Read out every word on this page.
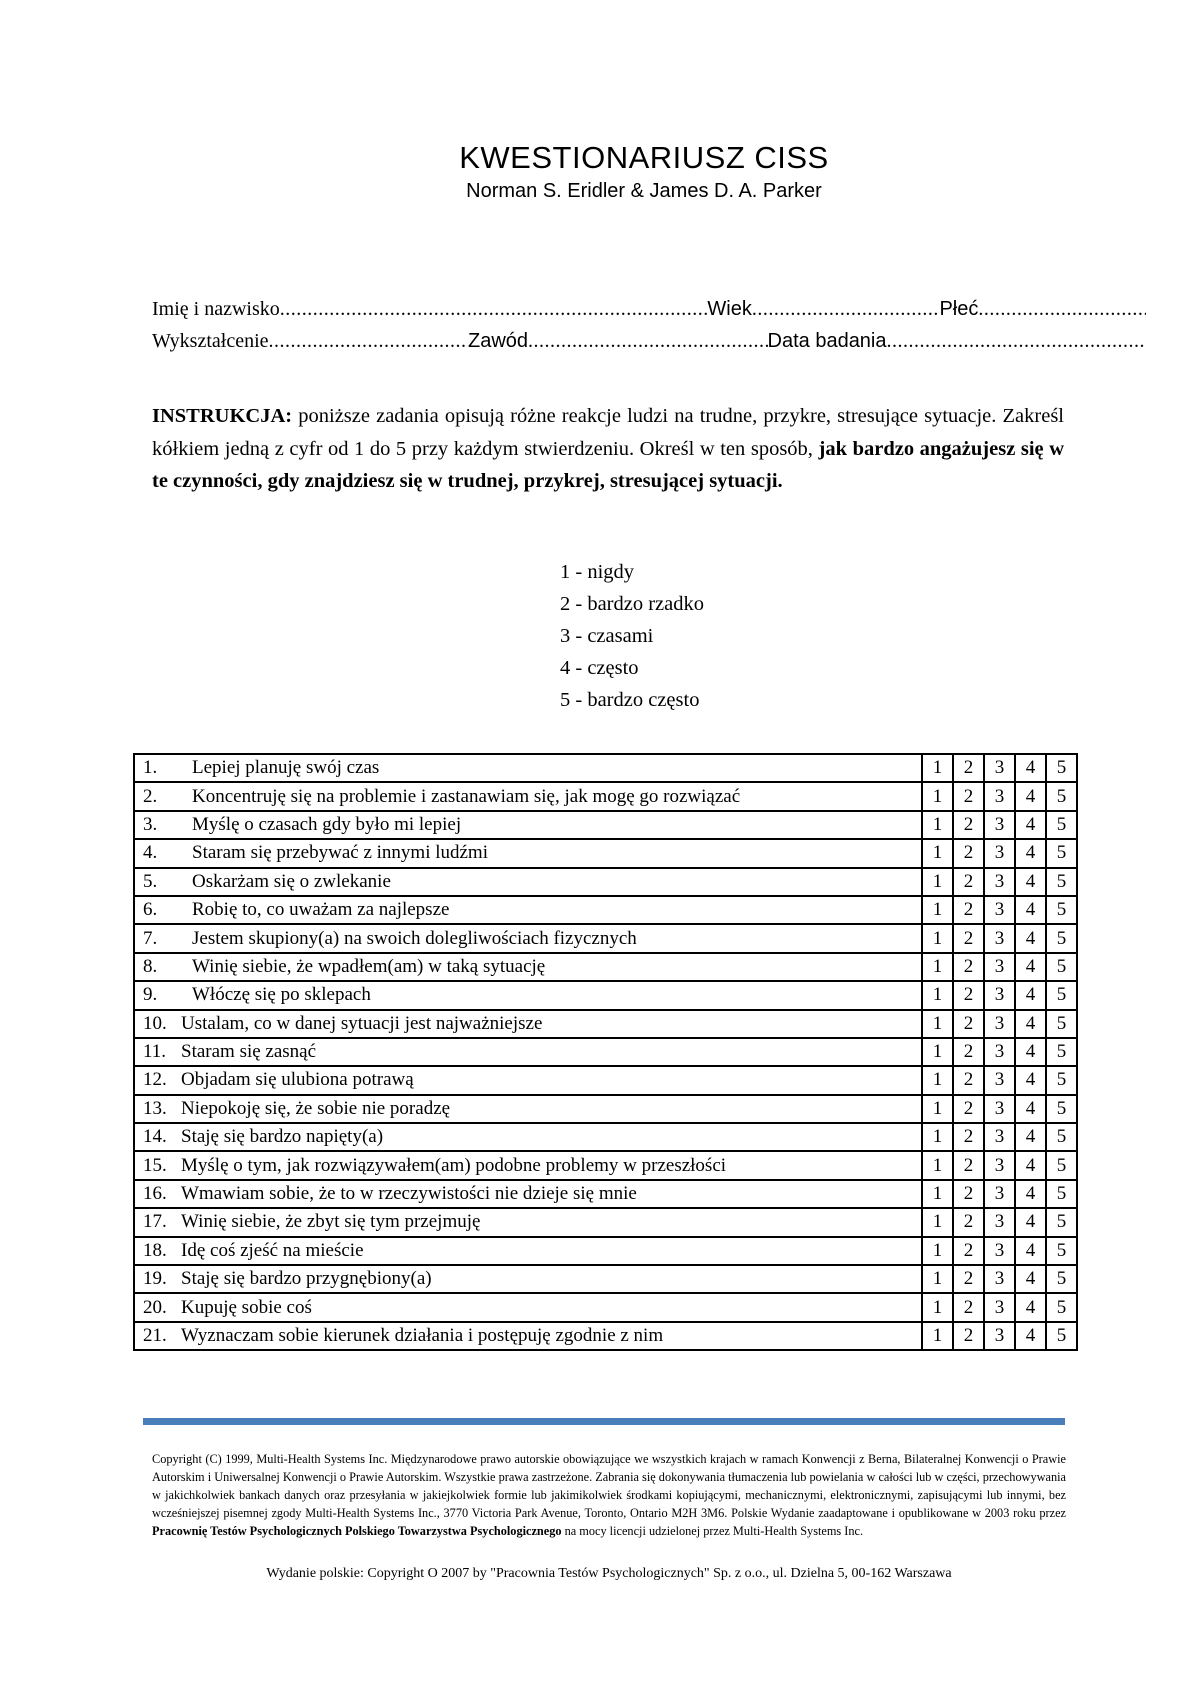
KWESTIONARIUSZ CISS
Norman S. Eridler & James D. A. Parker
Imię i nazwisko .....	Wiek .....	Płeć
.....
Wykształcenie .....	Zawód .....	Data badania
.....
INSTRUKCJA: poniższe zadania opisują różne reakcje ludzi na trudne, przykre, stresujące sytuacje. Zakreśl kółkiem jedną z cyfr od 1 do 5 przy każdym stwierdzeniu. Określ w ten sposób, jak bardzo angażujesz się w te czynności, gdy znajdziesz się w trudnej, przykrej, stresującej sytuacji.
1 - nigdy
2 - bardzo rzadko
3 - czasami
4 - często
5 - bardzo często
1. Lepiej planuję swój czas	1	2	3	4	5
2. Koncentruję się na problemie i zastanawiam się, jak mogę go rozwiązać	1	2	3	4	5
3. Myślę o czasach gdy było mi lepiej	1	2	3	4	5
4. Staram się przebywać z innymi ludźmi	1	2	3	4	5
5. Oskarżam się o zwlekanie	1	2	3	4	5
6. Robię to, co uważam za najlepsze	1	2	3	4	5
7. Jestem skupiony(a) na swoich dolegliwościach fizycznych	1	2	3	4	5
8. Winię siebie, że wpadłem(am) w taką sytuację	1	2	3	4	5
9. Włóczę się po sklepach	1	2	3	4	5
10. Ustalam, co w danej sytuacji jest najważniejsze	1	2	3	4	5
11. Staram się zasnąć	1	2	3	4	5
12. Objadam się ulubiona potrawą	1	2	3	4	5
13. Niepokoję się, że sobie nie poradzę	1	2	3	4	5
14. Staję się bardzo napięty(a)	1	2	3	4	5
15. Myślę o tym, jak rozwiązywałem(am) podobne problemy w przeszłości	1	2	3	4	5
16. Wmawiam sobie, że to w rzeczywistości nie dzieje się mnie	1	2	3	4	5
17. Winię siebie, że zbyt się tym przejmuję	1	2	3	4	5
18. Idę coś zjeść na mieście	1	2	3	4	5
19. Staję się bardzo przygnębiony(a)	1	2	3	4	5
20. Kupuję sobie coś	1	2	3	4	5
21. Wyznaczam sobie kierunek działania i postępuję zgodnie z nim	1	2	3	4	5
Copyright (C) 1999, Multi-Health Systems Inc. Międzynarodowe prawo autorskie obowiązujące we wszystkich krajach w ramach Konwencji z Berna, Bilateralnej Konwencji o Prawie Autorskim i Uniwersalnej Konwencji o Prawie Autorskim. Wszystkie prawa zastrzeżone. Zabrania się dokonywania tłumaczenia lub powielania w całości lub w części, przechowywania w jakichkolwiek bankach danych oraz przesyłania w jakiejkolwiek formie lub jakimikolwiek środkami kopiującymi, mechanicznymi, elektronicznymi, zapisującymi lub innymi, bez wcześniejszej pisemnej zgody Multi-Health Systems Inc., 3770 Victoria Park Avenue, Toronto, Ontario M2H 3M6. Polskie Wydanie zaadaptowane i opublikowane w 2003 roku przez Pracownię Testów Psychologicznych Polskiego Towarzystwa Psychologicznego na mocy licencji udzielonej przez Multi-Health Systems Inc.
Wydanie polskie: Copyright O 2007 by "Pracownia Testów Psychologicznych" Sp. z o.o., ul. Dzielna 5, 00-162 Warszawa
